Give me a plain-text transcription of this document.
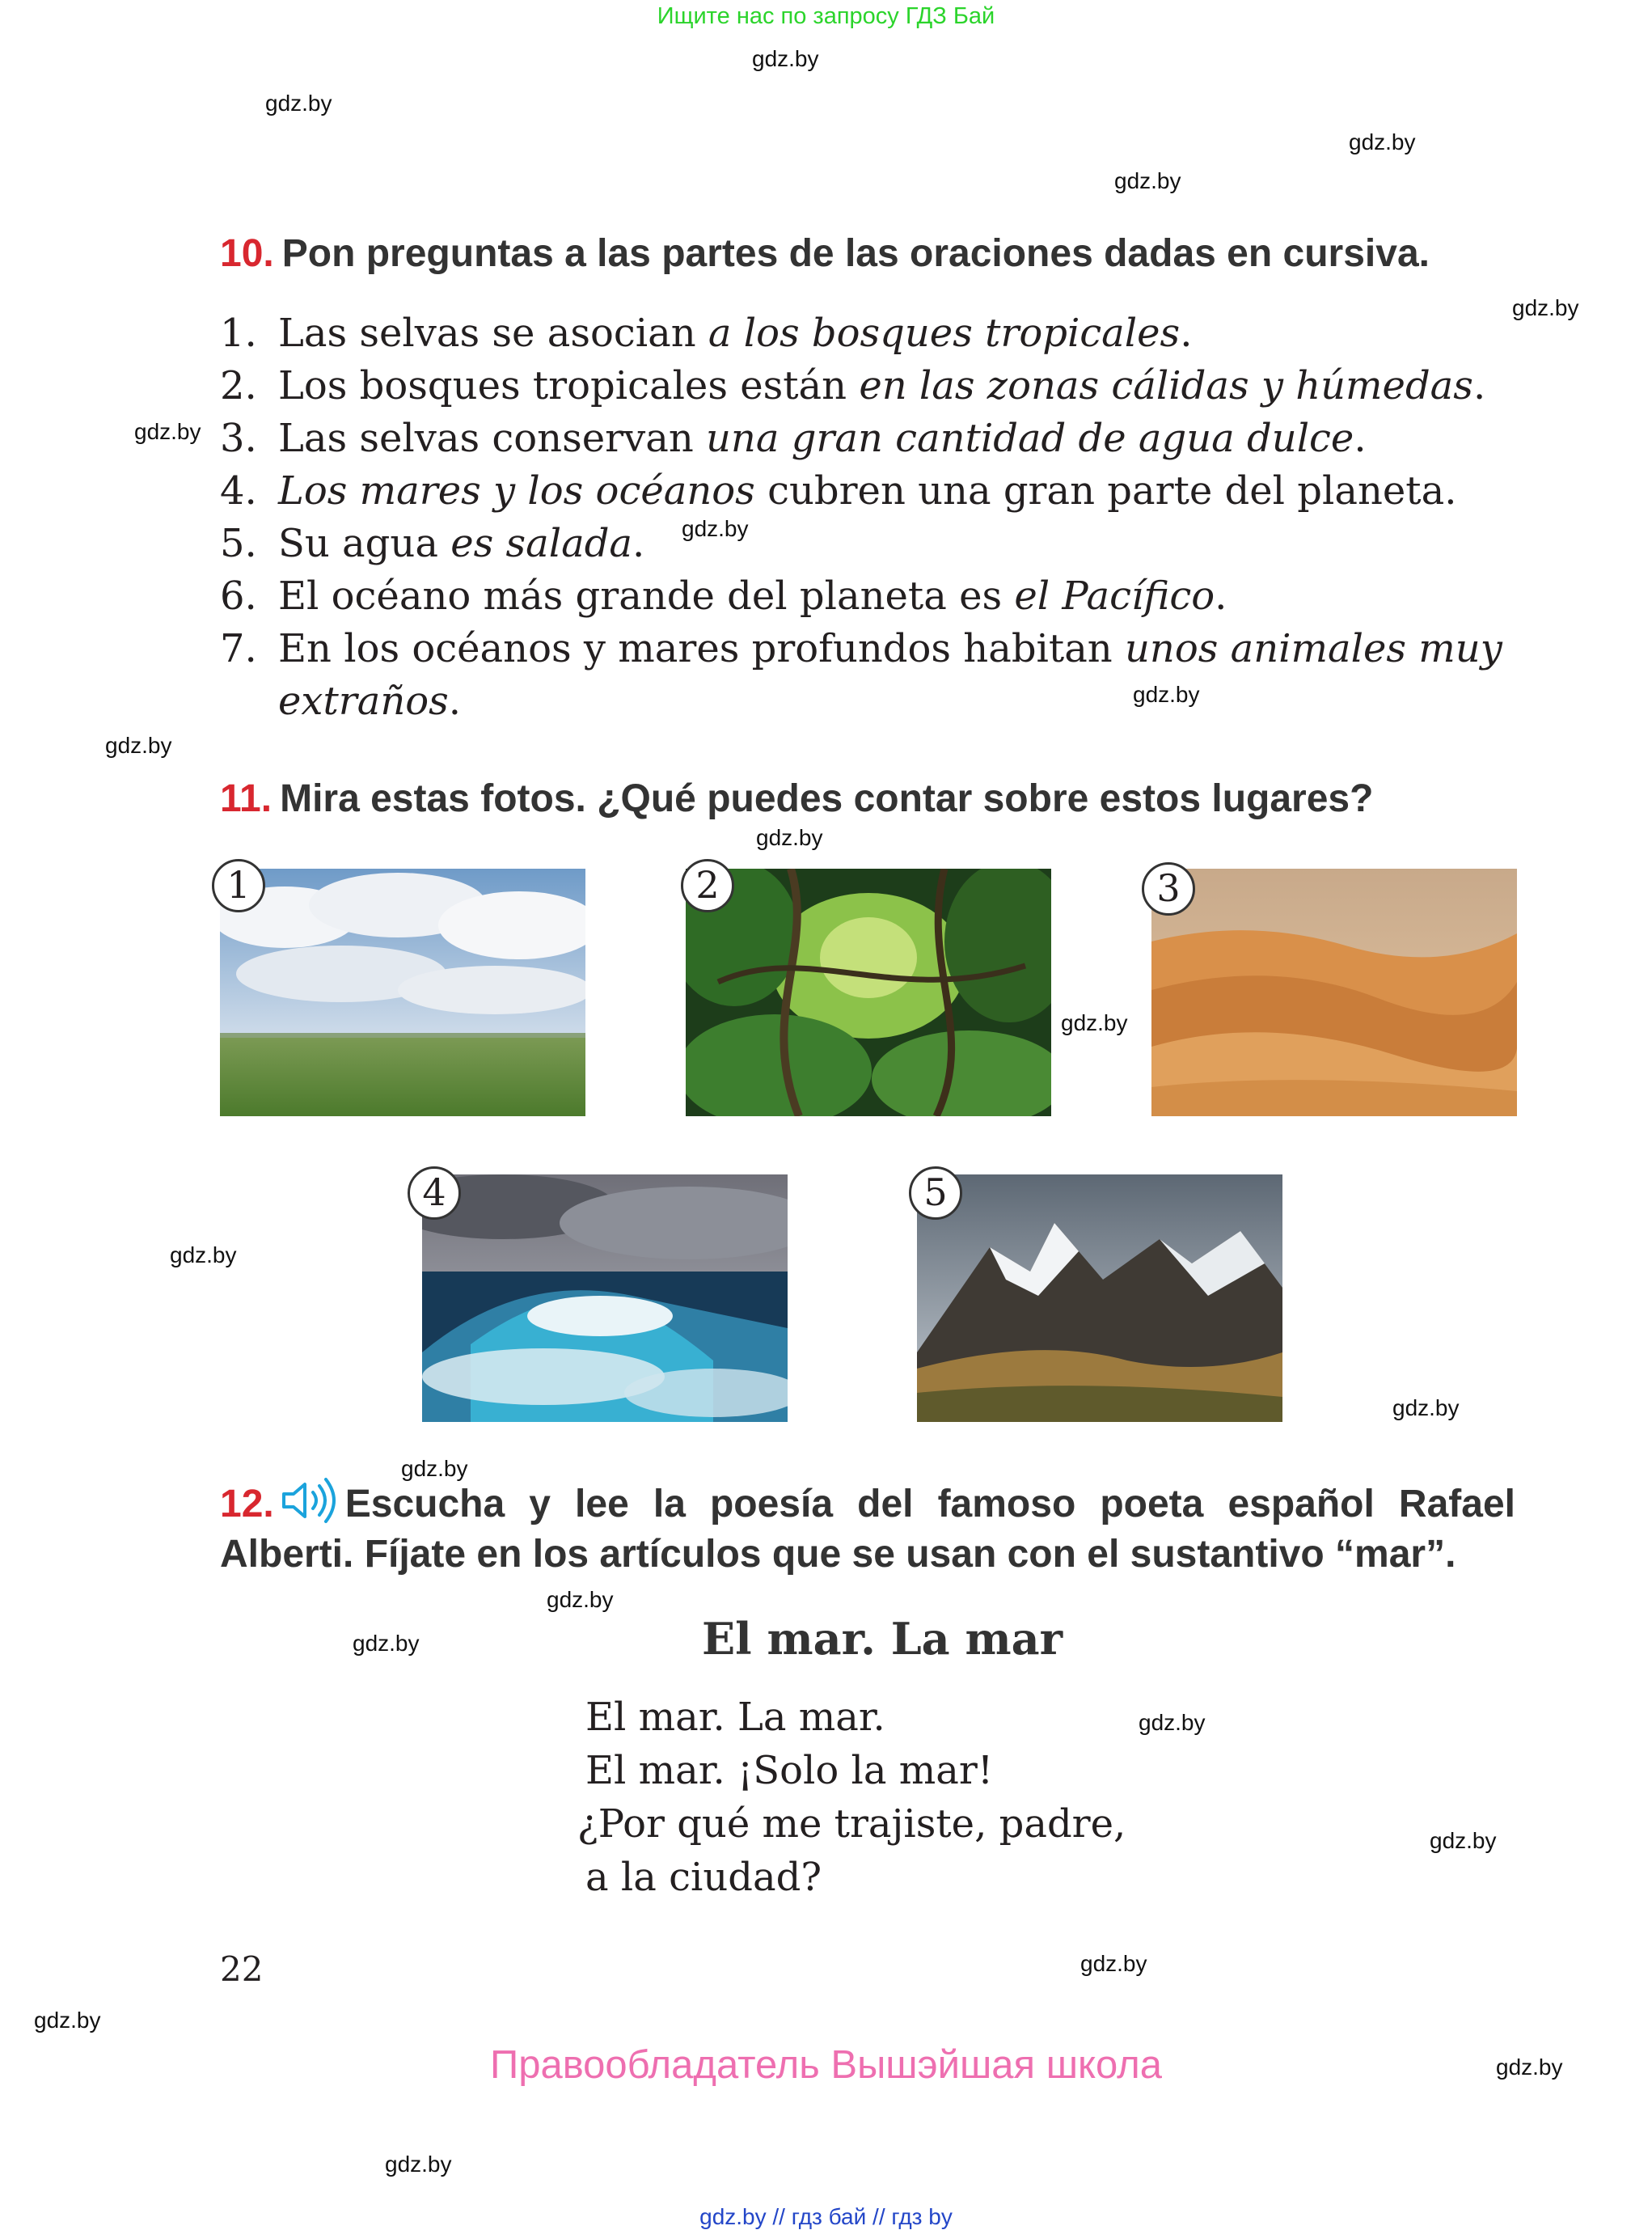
Ищите нас по запросу ГДЗ Бай
gdz.by
gdz.by
gdz.by
gdz.by
gdz.by
gdz.by
gdz.by
gdz.by
gdz.by
gdz.by
gdz.by
gdz.by
gdz.by
gdz.by
gdz.by
gdz.by
gdz.by
gdz.by
gdz.by
gdz.by
gdz.by
gdz.by
10. Pon preguntas a las partes de las oraciones dadas en cursiva.
1. Las selvas se asocian a los bosques tropicales.
2. Los bosques tropicales están en las zonas cálidas y húmedas.
3. Las selvas conservan una gran cantidad de agua dulce.
4. Los mares y los océanos cubren una gran parte del planeta.
5. Su agua es salada.
6. El océano más grande del planeta es el Pacífico.
7. En los océanos y mares profundos habitan unos animales muy
extraños.
11. Mira estas fotos. ¿Qué puedes contar sobre estos lugares?
1	2	3
4	5
12. Escucha y lee la poesía del famoso poeta español Rafael Alberti. Fíjate en los artículos que se usan con el sustantivo “mar”.
El mar. La mar
El mar. La mar.
El mar. ¡Solo la mar!
¿Por qué me trajiste, padre,
a la ciudad?
22
Правообладатель Вышэйшая школа
gdz.by // гдз бай // гдз by
